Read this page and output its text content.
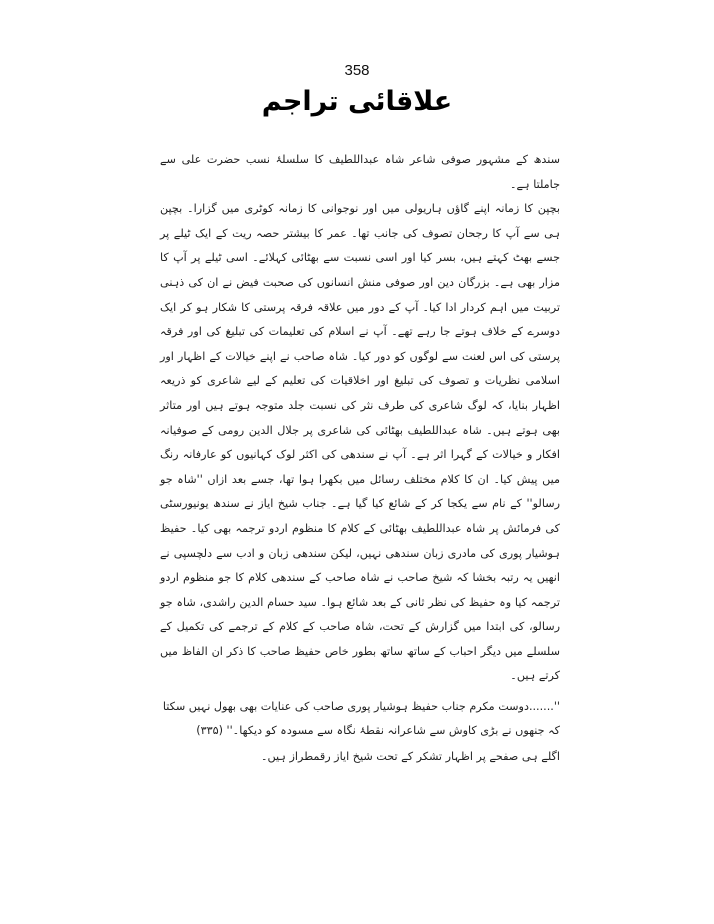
358
علاقائی تراجم

سندھ کے مشہور صوفی شاعر شاہ عبداللطیف کا سلسلۂ نسب حضرت علی سے جاملتا ہے۔

بچپن کا زمانہ اپنے گاؤں ہاریولی میں اور نوجوانی کا زمانہ کوٹری میں گزارا۔ بچپن ہی سے آپ کا رجحان تصوف کی جانب تھا۔ عمر کا بیشتر حصہ ریت کے ایک ٹیلے پر جسے بھٹ کہتے ہیں، بسر کیا اور اسی نسبت سے بھٹائی کہلائے۔ اسی ٹیلے پر آپ کا مزار بھی ہے۔ بزرگان دین اور صوفی منش انسانوں کی صحبت فیض نے ان کی ذہنی تربیت میں اہم کردار ادا کیا۔ آپ کے دور میں علاقہ فرقہ پرستی کا شکار ہو کر ایک دوسرے کے خلاف ہوتے جا رہے تھے۔ آپ نے اسلام کی تعلیمات کی تبلیغ کی اور فرقہ پرستی کی اس لعنت سے لوگوں کو دور کیا۔ شاہ صاحب نے اپنے خیالات کے اظہار اور اسلامی نظریات و تصوف کی تبلیغ اور اخلاقیات کی تعلیم کے لیے شاعری کو ذریعہ اظہار بنایا، کہ لوگ شاعری کی طرف نثر کی نسبت جلد متوجہ ہوتے ہیں اور متاثر بھی ہوتے ہیں۔ شاہ عبداللطیف بھٹائی کی شاعری پر جلال الدین رومی کے صوفیانہ افکار و خیالات کے گہرا اثر ہے۔ آپ نے سندھی کی اکثر لوک کہانیوں کو عارفانہ رنگ میں پیش کیا۔ ان کا کلام مختلف رسائل میں بکھرا ہوا تھا، جسے بعد ازاں ''شاہ جو رسالو'' کے نام سے یکجا کر کے شائع کیا گیا ہے۔ جناب شیخ ایاز نے سندھ یونیورسٹی کی فرمائش پر شاہ عبداللطیف بھٹائی کے کلام کا منظوم اردو ترجمہ بھی کیا۔ حفیظ ہوشیار پوری کی مادری زبان سندھی نہیں، لیکن سندھی زبان و ادب سے دلچسپی نے انھیں یہ رتبہ بخشا کہ شیخ صاحب نے شاہ صاحب کے سندھی کلام کا جو منظوم اردو ترجمہ کیا وہ حفیظ کی نظر ثانی کے بعد شائع ہوا۔ سید حسام الدین راشدی، شاہ جو رسالو، کی ابتدا میں گزارش کے تحت، شاہ صاحب کے کلام کے ترجمے کی تکمیل کے سلسلے میں دیگر احباب کے ساتھ ساتھ بطور خاص حفیظ صاحب کا ذکر ان الفاظ میں کرتے ہیں۔

''.......دوست مکرم جناب حفیظ ہوشیار پوری صاحب کی عنایات بھی بھول نہیں سکتا کہ جنھوں نے بڑی کاوش سے شاعرانہ نقطۂ نگاہ سے مسودہ کو دیکھا۔'' (۳۳۵)

اگلے ہی صفحے پر اظہار تشکر کے تحت شیخ ایاز رقمطراز ہیں۔
